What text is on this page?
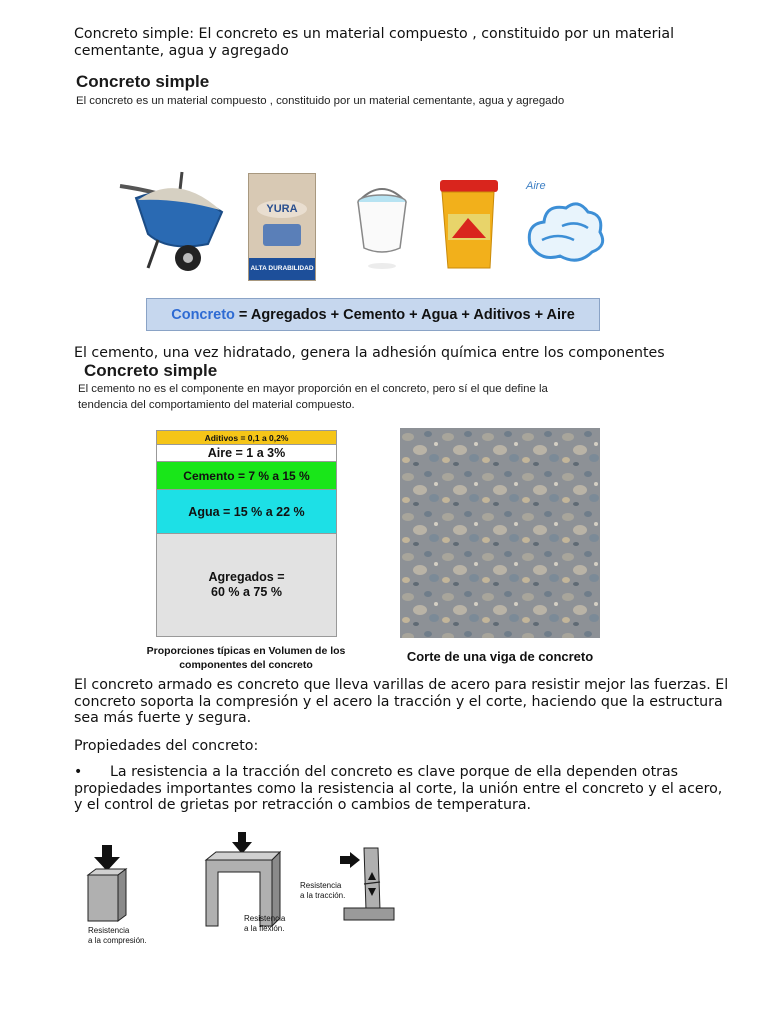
Concreto simple: El concreto es un material compuesto , constituido por un material cementante, agua y agregado

Concreto simple
El concreto es un material compuesto , constituido por un material cementante, agua y agregado
YURA
ALTA DURABILIDAD
Aire
Concreto = Agregados + Cemento + Agua + Aditivos + Aire

El cemento, una vez hidratado, genera la adhesión química entre los componentes

Concreto simple
El cemento no es el componente en mayor proporción en el concreto, pero sí el que define la
tendencia del comportamiento del material compuesto.
Aditivos = 0,1 a 0,2%
Aire = 1 a 3%
Cemento = 7 % a 15 %
Agua = 15 % a 22 %
Agregados =
60 % a 75 %
Proporciones típicas en Volumen de los
componentes del concreto
Corte de una viga de concreto

El concreto armado es concreto que lleva varillas de acero para resistir mejor las fuerzas. El concreto soporta la compresión y el acero la tracción y el corte, haciendo que la estructura sea más fuerte y segura.

Propiedades del concreto:

•	La resistencia a la tracción del concreto es clave porque de ella dependen otras propiedades importantes como la resistencia al corte, la unión entre el concreto y el acero, y el control de grietas por retracción o cambios de temperatura.

Resistencia
a la compresión.
Resistencia
a la flexión.
Resistencia
a la tracción.
